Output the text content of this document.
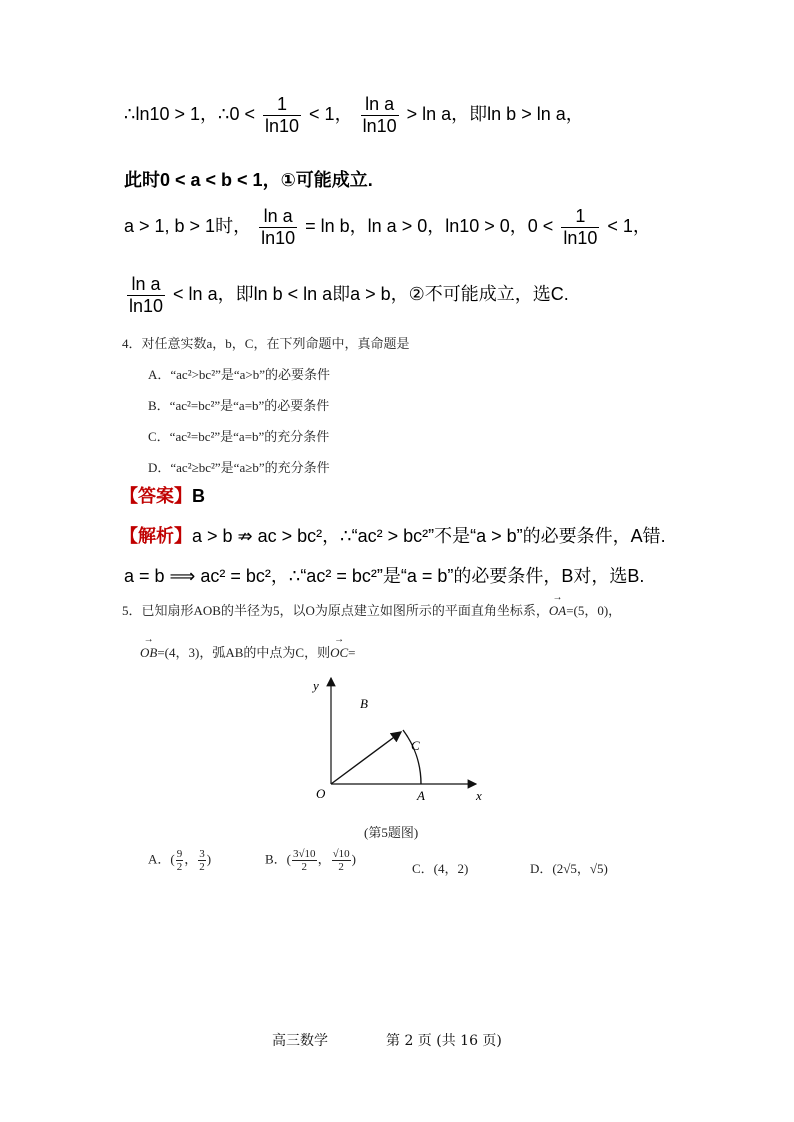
∴ln10 > 1，∴0 < $\frac{1}{\ln 10} < 1$， $\frac{\text{ln a}}{\ln 10} > \ln a$，即ln b > ln a，
此时0 < a < b < 1，①可能成立.
a > 1, b > 1时， $\frac{\text{ln a}}{\ln 10} = \ln b$，ln a > 0，ln10 > 0，$0 < \frac{1}{\ln 10} < 1$，
$\frac{\text{ln a}}{\ln 10} < \ln a$，即ln b < ln a即a > b，②不可能成立，选C.
4．对任意实数a，b，C，在下列命题中，真命题是
A．“ac²>bc²”是“a>b”的必要条件
B．“ac²=bc²”是“a=b”的必要条件
C．“ac²=bc²”是“a=b”的充分条件
D．“ac²≥bc²”是“a≥b”的充分条件
【答案】B
【解析】a > b ⇏ ac > bc²，∴“ac² > bc²”不是“a > b”的必要条件，A错.
a = b ⟹ ac² = bc²，∴“ac² = bc²”是“a = b”的必要条件，B对，选B.
5．已知扇形AOB的半径为5，以O为原点建立如图所示的平面直角坐标系，→ OA=(5，0)，
→ OB=(4，3)，弧AB的中点为C，则→ OC=
y
x
O	A
B
C
(第5题图)
A．( $\frac{9}{2}$ ， $\frac{3}{2}$ )	B．( $\frac{3√10}{2}$ ， $\frac{√10}{2}$ )
C．(4，2)	D．(2√5，√5)
高三数学	第 2 页 (共 16 页)
